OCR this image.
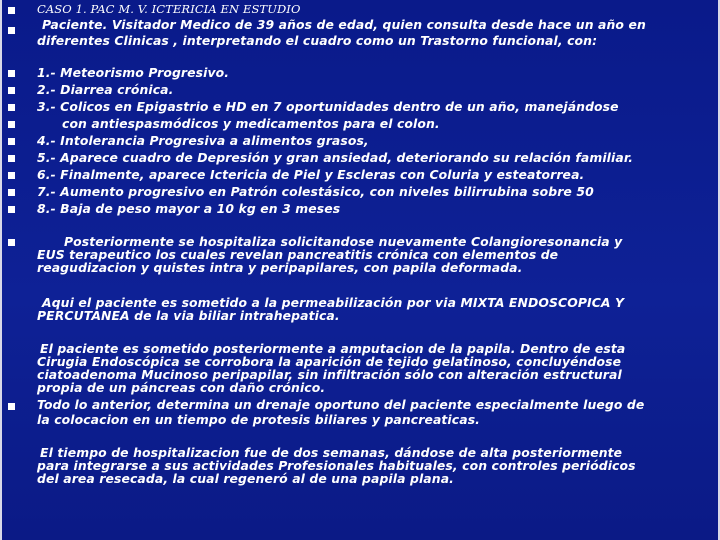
CASO 1. PAC M. V. ICTERICIA EN ESTUDIO
Paciente. Visitador Medico de 39 años de edad, quien consulta desde hace un año en
diferentes Clinicas , interpretando el cuadro como un Trastorno funcional, con:
1.- Meteorismo Progresivo.
2.- Diarrea crónica.
3.- Colicos en Epigastrio e HD en 7 oportunidades dentro de un año, manejándose
con antiespasmódicos y medicamentos para el colon.
4.- Intolerancia Progresiva a alimentos grasos,
5.- Aparece cuadro de Depresión y gran ansiedad, deteriorando su relación familiar.
6.- Finalmente, aparece Ictericia de Piel y Escleras con Coluria y esteatorrea.
7.- Aumento progresivo en Patrón colestásico, con niveles bilirrubina sobre 50
8.- Baja de peso mayor a 10 kg en 3 meses
Posteriormente se hospitaliza solicitandose nuevamente Colangioresonancia y
EUS terapeutico los cuales revelan pancreatitis crónica con elementos de
reagudizacion y quistes intra y peripapilares, con papila deformada.
Aqui el paciente es sometido a la permeabilización por via MIXTA ENDOSCOPICA Y
PERCUTANEA de la via biliar intrahepatica.
El paciente es sometido posteriormente a amputacion de la papila. Dentro de esta
Cirugia Endoscópica se corrobora la aparición de tejido gelatinoso, concluyéndose
ciatoadenoma Mucinoso peripapilar, sin infiltración sólo con alteración estructural
propia de un páncreas con daño crónico.
Todo lo anterior, determina un drenaje oportuno del paciente especialmente luego de
la colocacion en un tiempo de protesis biliares y pancreaticas.
El tiempo de hospitalizacion fue de dos semanas, dándose de alta posteriormente
para integrarse a sus actividades Profesionales habituales, con controles periódicos
del area resecada, la cual regeneró al de una papila plana.
